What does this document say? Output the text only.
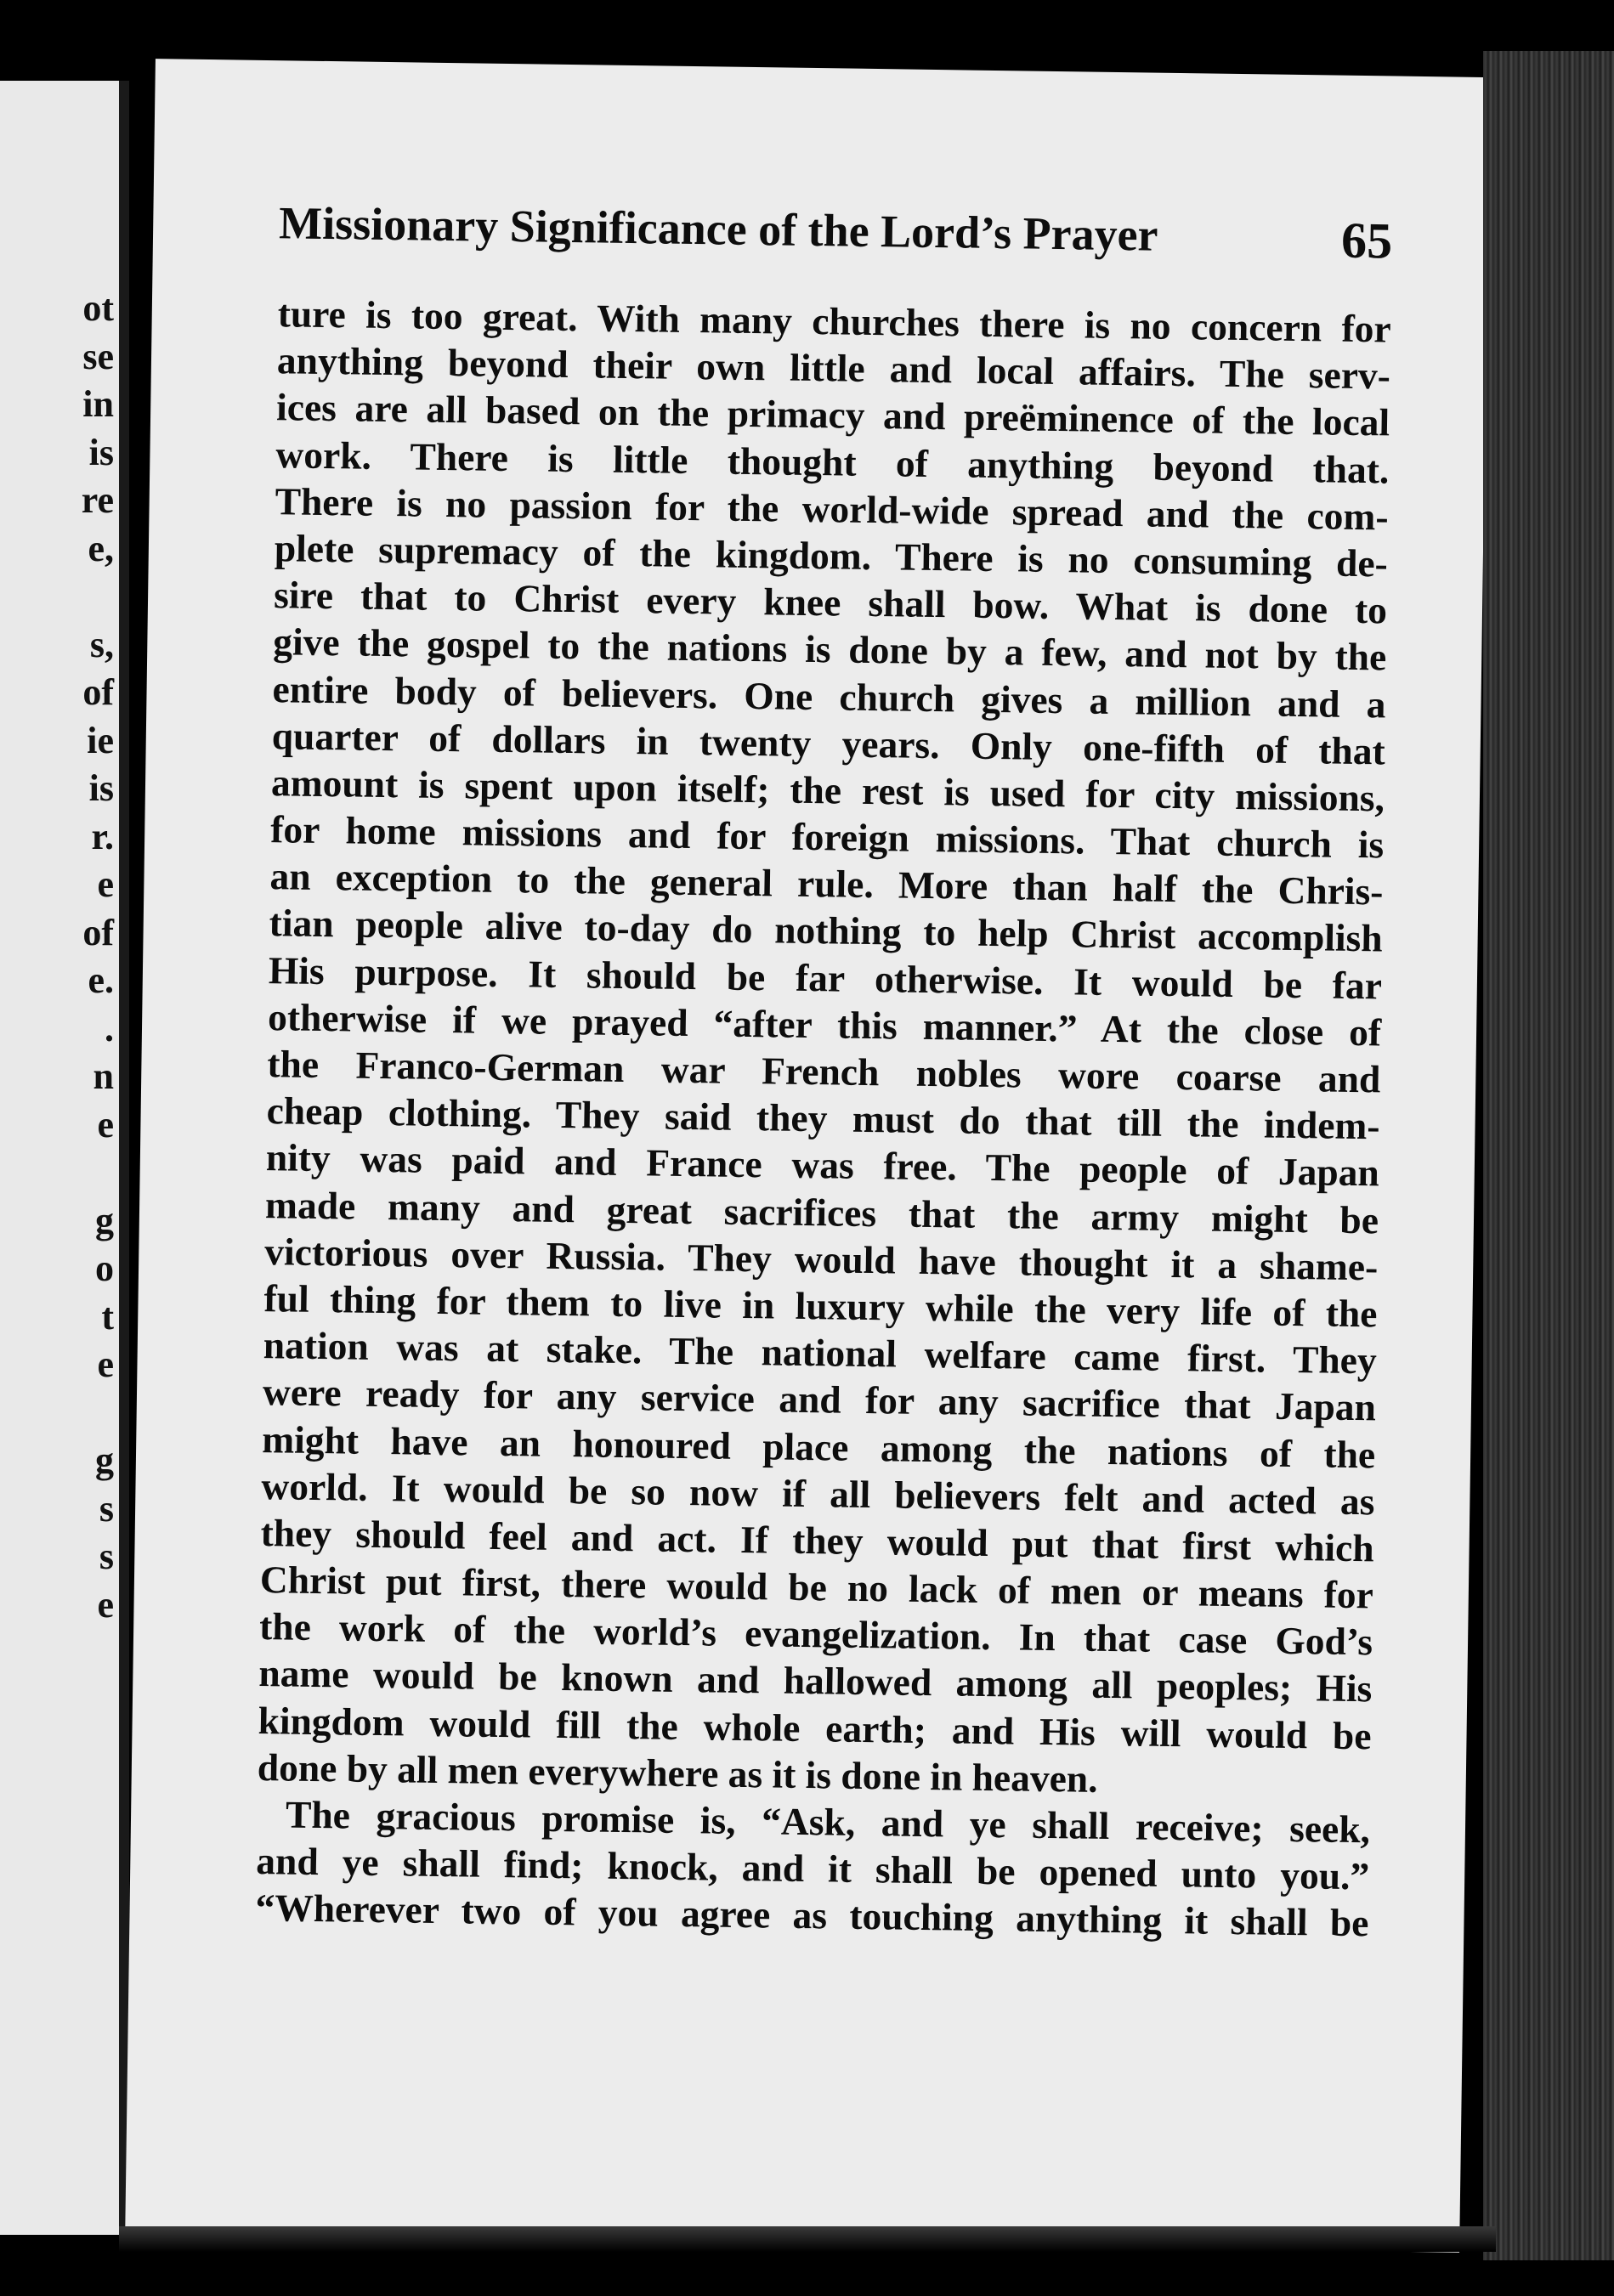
ot
se
in
is
re
e,
s,
of
ie
is
r.
e
of
e.
.
n
e
g
o
t
e
g
s
s
e
Missionary Significance of the Lord’s Prayer	65
ture is too great. With many churches there is no concern for
anything beyond their own little and local affairs. The serv-
ices are all based on the primacy and preëminence of the local
work. There is little thought of anything beyond that.
There is no passion for the world-wide spread and the com-
plete supremacy of the kingdom. There is no consuming de-
sire that to Christ every knee shall bow. What is done to
give the gospel to the nations is done by a few, and not by the
entire body of believers. One church gives a million and a
quarter of dollars in twenty years. Only one-fifth of that
amount is spent upon itself; the rest is used for city missions,
for home missions and for foreign missions. That church is
an exception to the general rule. More than half the Chris-
tian people alive to-day do nothing to help Christ accomplish
His purpose. It should be far otherwise. It would be far
otherwise if we prayed “after this manner.” At the close of
the Franco-German war French nobles wore coarse and
cheap clothing. They said they must do that till the indem-
nity was paid and France was free. The people of Japan
made many and great sacrifices that the army might be
victorious over Russia. They would have thought it a shame-
ful thing for them to live in luxury while the very life of the
nation was at stake. The national welfare came first. They
were ready for any service and for any sacrifice that Japan
might have an honoured place among the nations of the
world. It would be so now if all believers felt and acted as
they should feel and act. If they would put that first which
Christ put first, there would be no lack of men or means for
the work of the world’s evangelization. In that case God’s
name would be known and hallowed among all peoples; His
kingdom would fill the whole earth; and His will would be
done by all men everywhere as it is done in heaven.
The gracious promise is, “Ask, and ye shall receive; seek,
and ye shall find; knock, and it shall be opened unto you.”
“Wherever two of you agree as touching anything it shall be
